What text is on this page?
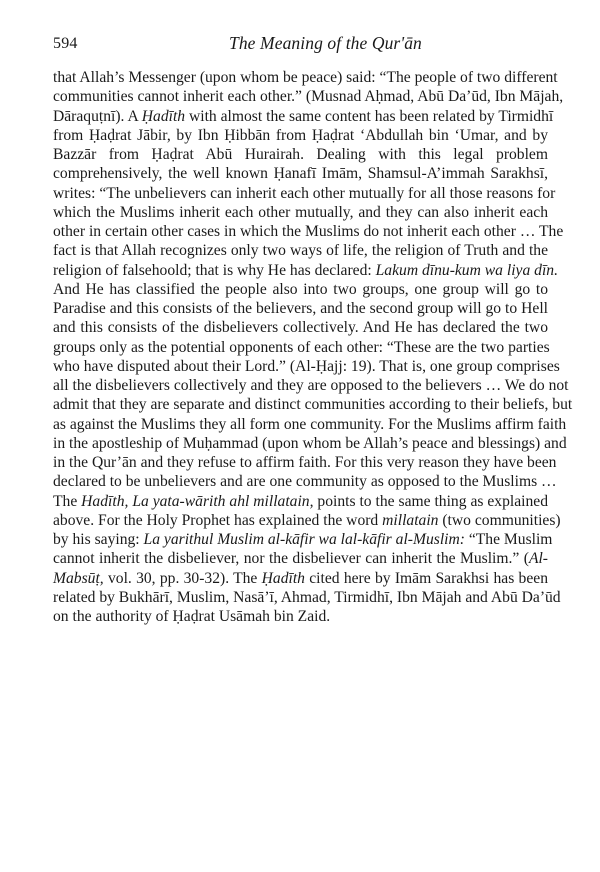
594	The Meaning of the Qur'ān
that Allah’s Messenger (upon whom be peace) said: “The people of two different
communities cannot inherit each other.” (Musnad Aḥmad, Abū Da’ūd, Ibn Mājah,
Dāraquṭnī). A Ḥadīth with almost the same content has been related by Tirmidhī
from Ḥaḍrat Jābir, by Ibn Ḥibbān from Ḥaḍrat ‘Abdullah bin ‘Umar, and by
Bazzār from Ḥaḍrat Abū Hurairah. Dealing with this legal problem
comprehensively, the well known Ḥanafī Imām, Shamsul-A’immah Sarakhsī,
writes: “The unbelievers can inherit each other mutually for all those reasons for
which the Muslims inherit each other mutually, and they can also inherit each
other in certain other cases in which the Muslims do not inherit each other … The
fact is that Allah recognizes only two ways of life, the religion of Truth and the
religion of falsehoold; that is why He has declared: Lakum dīnu-kum wa liya dīn.
And He has classified the people also into two groups, one group will go to
Paradise and this consists of the believers, and the second group will go to Hell
and this consists of the disbelievers collectively. And He has declared the two
groups only as the potential opponents of each other: “These are the two parties
who have disputed about their Lord.” (Al-Ḥajj: 19). That is, one group comprises
all the disbelievers collectively and they are opposed to the believers … We do not
admit that they are separate and distinct communities according to their beliefs, but
as against the Muslims they all form one community. For the Muslims affirm faith
in the apostleship of Muḥammad (upon whom be Allah’s peace and blessings) and
in the Qur’ān and they refuse to affirm faith. For this very reason they have been
declared to be unbelievers and are one community as opposed to the Muslims …
The Hadīth, La yata-wārith ahl millatain, points to the same thing as explained
above. For the Holy Prophet has explained the word millatain (two communities)
by his saying: La yarithul Muslim al-kāfir wa lal-kāfir al-Muslim: “The Muslim
cannot inherit the disbeliever, nor the disbeliever can inherit the Muslim.” (Al-
Mabsūṭ, vol. 30, pp. 30-32). The Ḥadīth cited here by Imām Sarakhsi has been
related by Bukhārī, Muslim, Nasā’ī, Ahmad, Tirmidhī, Ibn Mājah and Abū Da’ūd
on the authority of Ḥaḍrat Usāmah bin Zaid.
